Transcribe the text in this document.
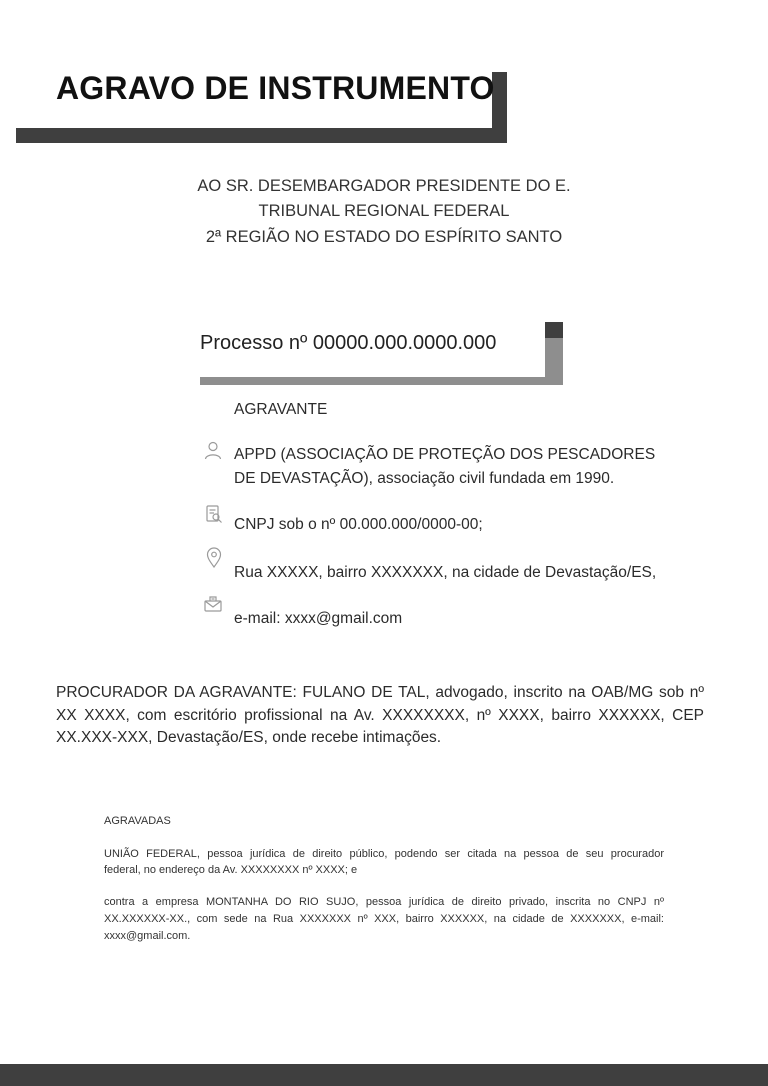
AGRAVO DE INSTRUMENTO
AO SR. DESEMBARGADOR PRESIDENTE DO E.
TRIBUNAL REGIONAL FEDERAL
2ª REGIÃO NO ESTADO DO ESPÍRITO SANTO
Processo nº 00000.000.0000.000
AGRAVANTE
APPD (ASSOCIAÇÃO DE PROTEÇÃO DOS PESCADORES
DE DEVASTAÇÃO), associação civil fundada em 1990.
CNPJ sob o nº 00.000.000/0000-00;
Rua XXXXX, bairro XXXXXXX, na cidade de Devastação/ES,
e-mail: xxxx@gmail.com
PROCURADOR DA AGRAVANTE: FULANO DE TAL, advogado, inscrito na OAB/MG sob nº
XX XXXX, com escritório profissional na Av. XXXXXXXX, nº XXXX, bairro XXXXXX, CEP
XX.XXX-XXX, Devastação/ES, onde recebe intimações.
AGRAVADAS
UNIÃO FEDERAL, pessoa jurídica de direito público, podendo ser citada na pessoa de seu procurador
federal, no endereço da Av. XXXXXXXX nº XXXX; e
contra a empresa MONTANHA DO RIO SUJO, pessoa jurídica de direito privado, inscrita no CNPJ nº
XX.XXXXXX-XX., com sede na Rua XXXXXXX nº XXX, bairro XXXXXX, na cidade de XXXXXXX, e-mail:
xxxx@gmail.com.
